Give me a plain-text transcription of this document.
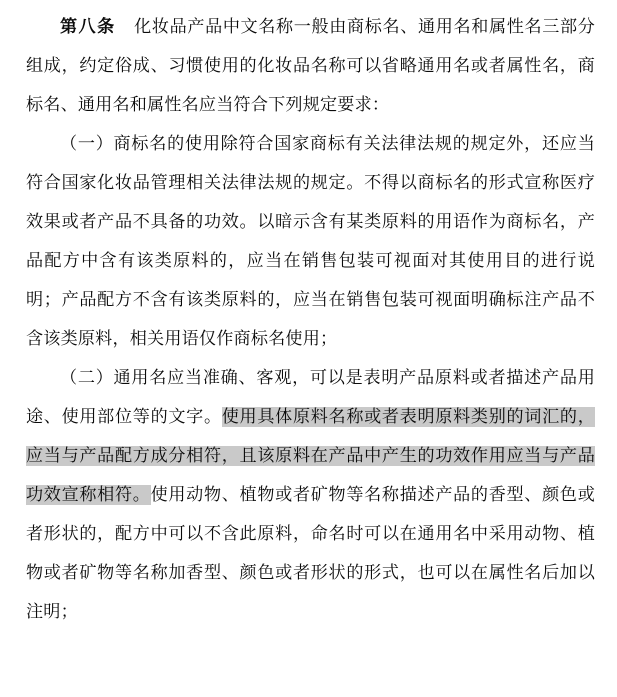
第八条 化妆品产品中文名称一般由商标名、通用名和属性名三部分组成，约定俗成、习惯使用的化妆品名称可以省略通用名或者属性名，商标名、通用名和属性名应当符合下列规定要求：

（一）商标名的使用除符合国家商标有关法律法规的规定外，还应当符合国家化妆品管理相关法律法规的规定。不得以商标名的形式宣称医疗效果或者产品不具备的功效。以暗示含有某类原料的用语作为商标名，产品配方中含有该类原料的，应当在销售包装可视面对其使用目的进行说明；产品配方不含有该类原料的，应当在销售包装可视面明确标注产品不含该类原料，相关用语仅作商标名使用；

（二）通用名应当准确、客观，可以是表明产品原料或者描述产品用途、使用部位等的文字。使用具体原料名称或者表明原料类别的词汇的，应当与产品配方成分相符，且该原料在产品中产生的功效作用应当与产品功效宣称相符。使用动物、植物或者矿物等名称描述产品的香型、颜色或者形状的，配方中可以不含此原料，命名时可以在通用名中采用动物、植物或者矿物等名称加香型、颜色或者形状的形式，也可以在属性名后加以注明；
